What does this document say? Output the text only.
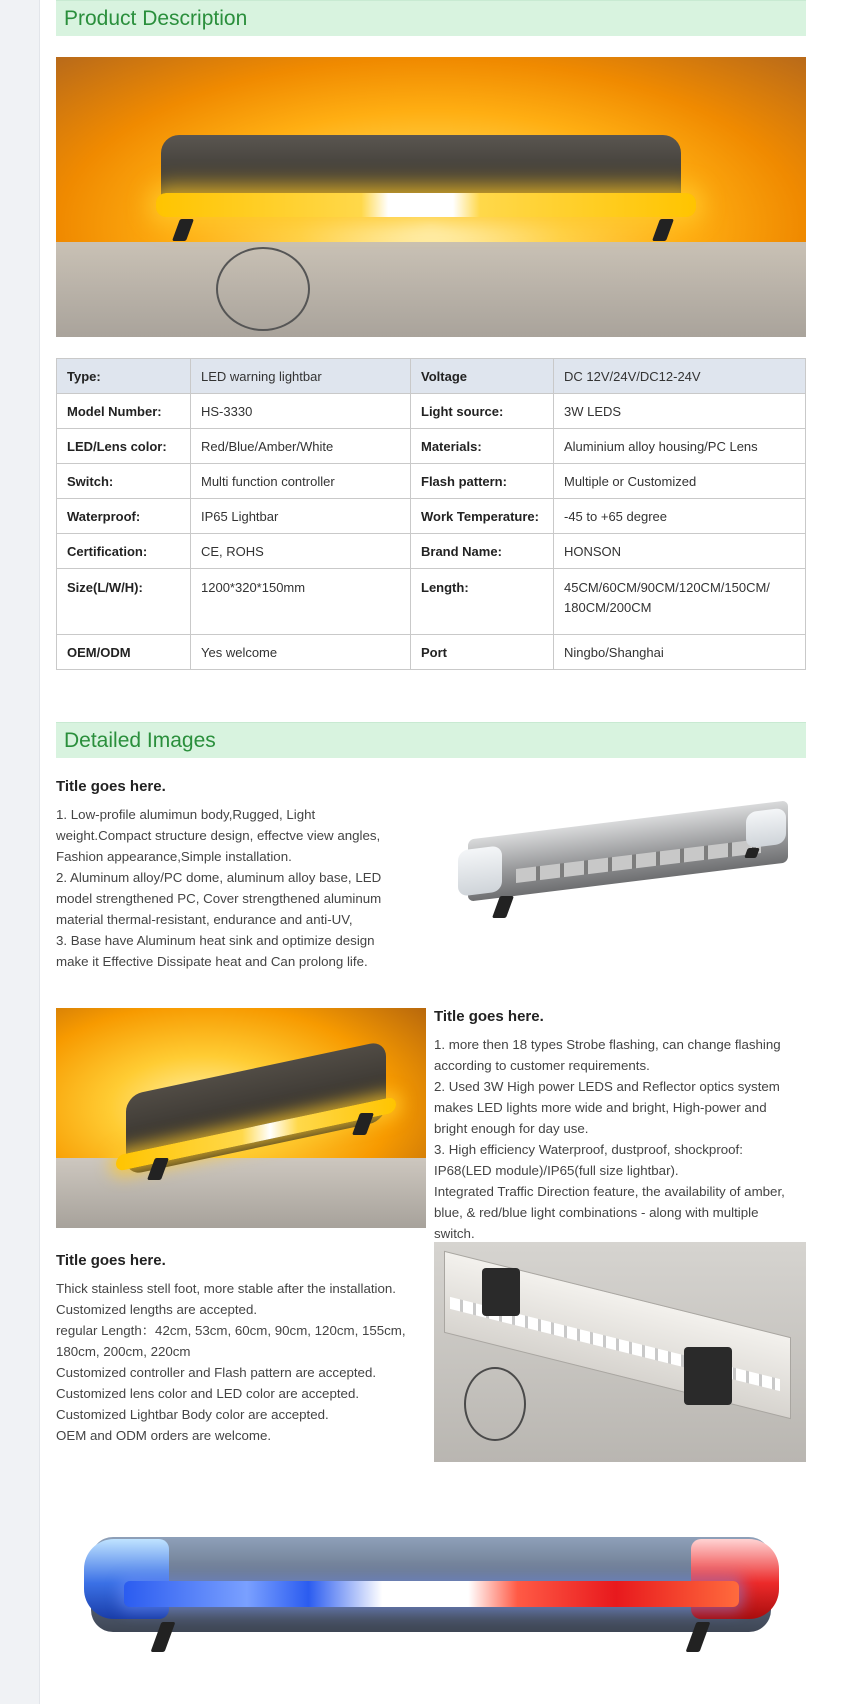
Product Description
Type:	LED warning lightbar	Voltage	DC 12V/24V/DC12-24V
Model Number:	HS-3330	Light source:	3W LEDS
LED/Lens color:	Red/Blue/Amber/White	Materials:	Aluminium alloy housing/PC Lens
Switch:	Multi function controller	Flash pattern:	Multiple or Customized
Waterproof:	IP65 Lightbar	Work Temperature:	-45 to +65 degree
Certification:	CE, ROHS	Brand Name:	HONSON
Size(L/W/H):	1200*320*150mm	Length:	45CM/60CM/90CM/120CM/150CM/
180CM/200CM

OEM/ODM	Yes welcome	Port	Ningbo/Shanghai
Detailed Images
Title goes here.
1. Low-profile alumimun body,Rugged, Light
weight.Compact structure design, effectve view angles,
Fashion appearance,Simple installation.
2. Aluminum alloy/PC dome, aluminum alloy base, LED
model strengthened PC, Cover strengthened aluminum
material thermal-resistant, endurance and anti-UV,
3. Base have Aluminum heat sink and optimize design
make it Effective Dissipate heat and Can prolong life.
Title goes here.
1. more then 18 types Strobe flashing, can change flashing
according to customer requirements.
2. Used 3W High power LEDS and Reflector optics system
makes LED lights more wide and bright, High-power and
bright enough for day use.
3. High efficiency Waterproof, dustproof, shockproof:
IP68(LED module)/IP65(full size lightbar).
Integrated Traffic Direction feature, the availability of amber,
blue, & red/blue light combinations - along with multiple
switch.
Title goes here.
Thick stainless stell foot, more stable after the installation.
Customized lengths are accepted.
regular Length：42cm, 53cm, 60cm, 90cm, 120cm, 155cm,
180cm, 200cm, 220cm
Customized controller and Flash pattern are accepted.
Customized lens color and LED color are accepted.
Customized Lightbar Body color are accepted.
OEM and ODM orders are welcome.
